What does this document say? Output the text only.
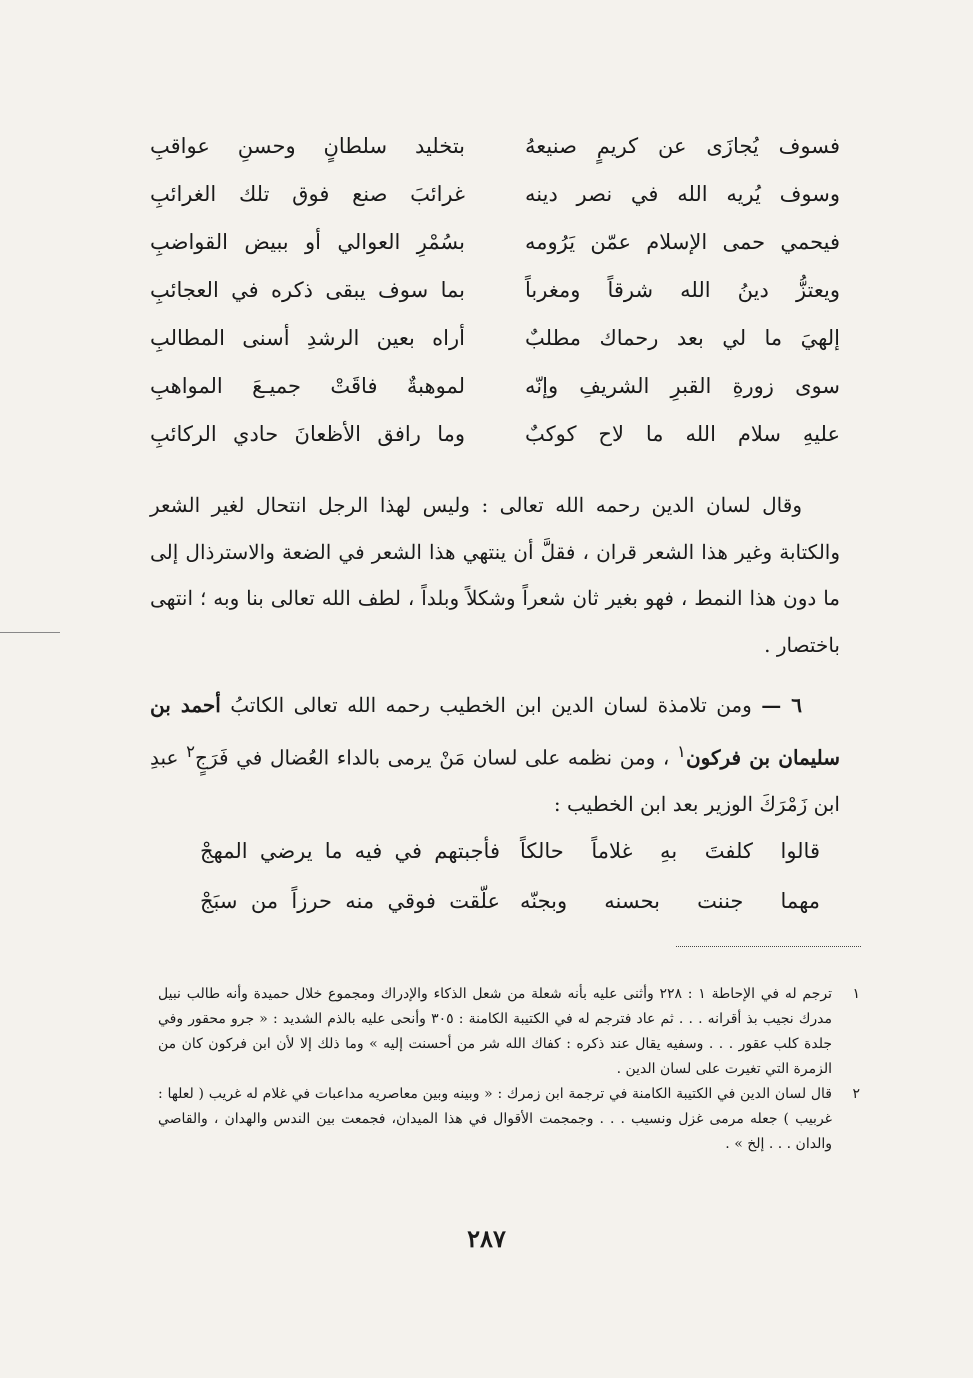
فسوف يُجازَى عن كريمٍ صنيعهُ
بتخليد سلطانٍ وحسنِ عواقبِ
وسوف يُريه الله في نصر دينه
غرائبَ صنع فوق تلك الغرائبِ
فيحمي حمى الإسلام عمّن يَرُومه
بسُمْرِ العوالي أو ببيض القواضبِ
ويعتزُّ دينُ الله شرقاً ومغرباً
بما سوف يبقى ذكره في العجائبِ
إلهيَ ما لي بعد رحماك مطلبٌ
أراه بعين الرشدِ أسنى المطالبِ
سوى زورةِ القبرِ الشريفِ وإنّه
لموهبةٌ فاقَتْ جميـعَ المواهبِ
عليهِ سلام الله ما لاح كوكبٌ
وما رافق الأظعانَ حادي الركائبِ
وقال لسان الدين رحمه الله تعالى : وليس لهذا الرجل انتحال لغير الشعر والكتابة وغير هذا الشعر قران ، فقلَّ أن ينتهي هذا الشعر في الضعة والاسترذال إلى ما دون هذا النمط ، فهو بغير ثان شعراً وشكلاً وبلداً ، لطف الله تعالى بنا وبه ؛ انتهى باختصار .
٦ — ومن تلامذة لسان الدين ابن الخطيب رحمه الله تعالى الكاتبُ أحمد بن سليمان بن فركون$^١$ ، ومن نظمه على لسان مَنْ يرمى بالداء العُضال في فَرَجٍ$^٢$ عبدِ ابن زَمْرَكَ الوزير بعد ابن الخطيب :
قالوا كلفتَ بهِ غلاماً حالكاً
فأجبتهم في فيه ما يرضي المهجْ
مهما جننت بحسنه وبجنّه
علّقت فوقي منه حرزاً من سبَجْ
١
ترجم له في الإحاطة ١ : ٢٢٨ وأثنى عليه بأنه شعلة من شعل الذكاء والإدراك ومجموع خلال حميدة وأنه طالب نبيل مدرك نجيب بذ أقرانه . . . ثم عاد فترجم له في الكتيبة الكامنة : ٣٠٥ وأنحى عليه بالذم الشديد : « جرو محقور وفي جلدة كلب عقور . . . وسفيه يقال عند ذكره : كفاك الله شر من أحسنت إليه » وما ذلك إلا لأن ابن فركون كان من الزمرة التي تغيرت على لسان الدين .
٢
قال لسان الدين في الكتيبة الكامنة في ترجمة ابن زمرك : « وبينه وبين معاصريه مداعبات في غلام له غريب ( لعلها : غربيب ) جعله مرمى غزل ونسيب . . . وجمجمت الأقوال في هذا الميدان، فجمعت بين الندس والهدان ، والقاصي والدان . . . إلخ » .
٢٨٧
